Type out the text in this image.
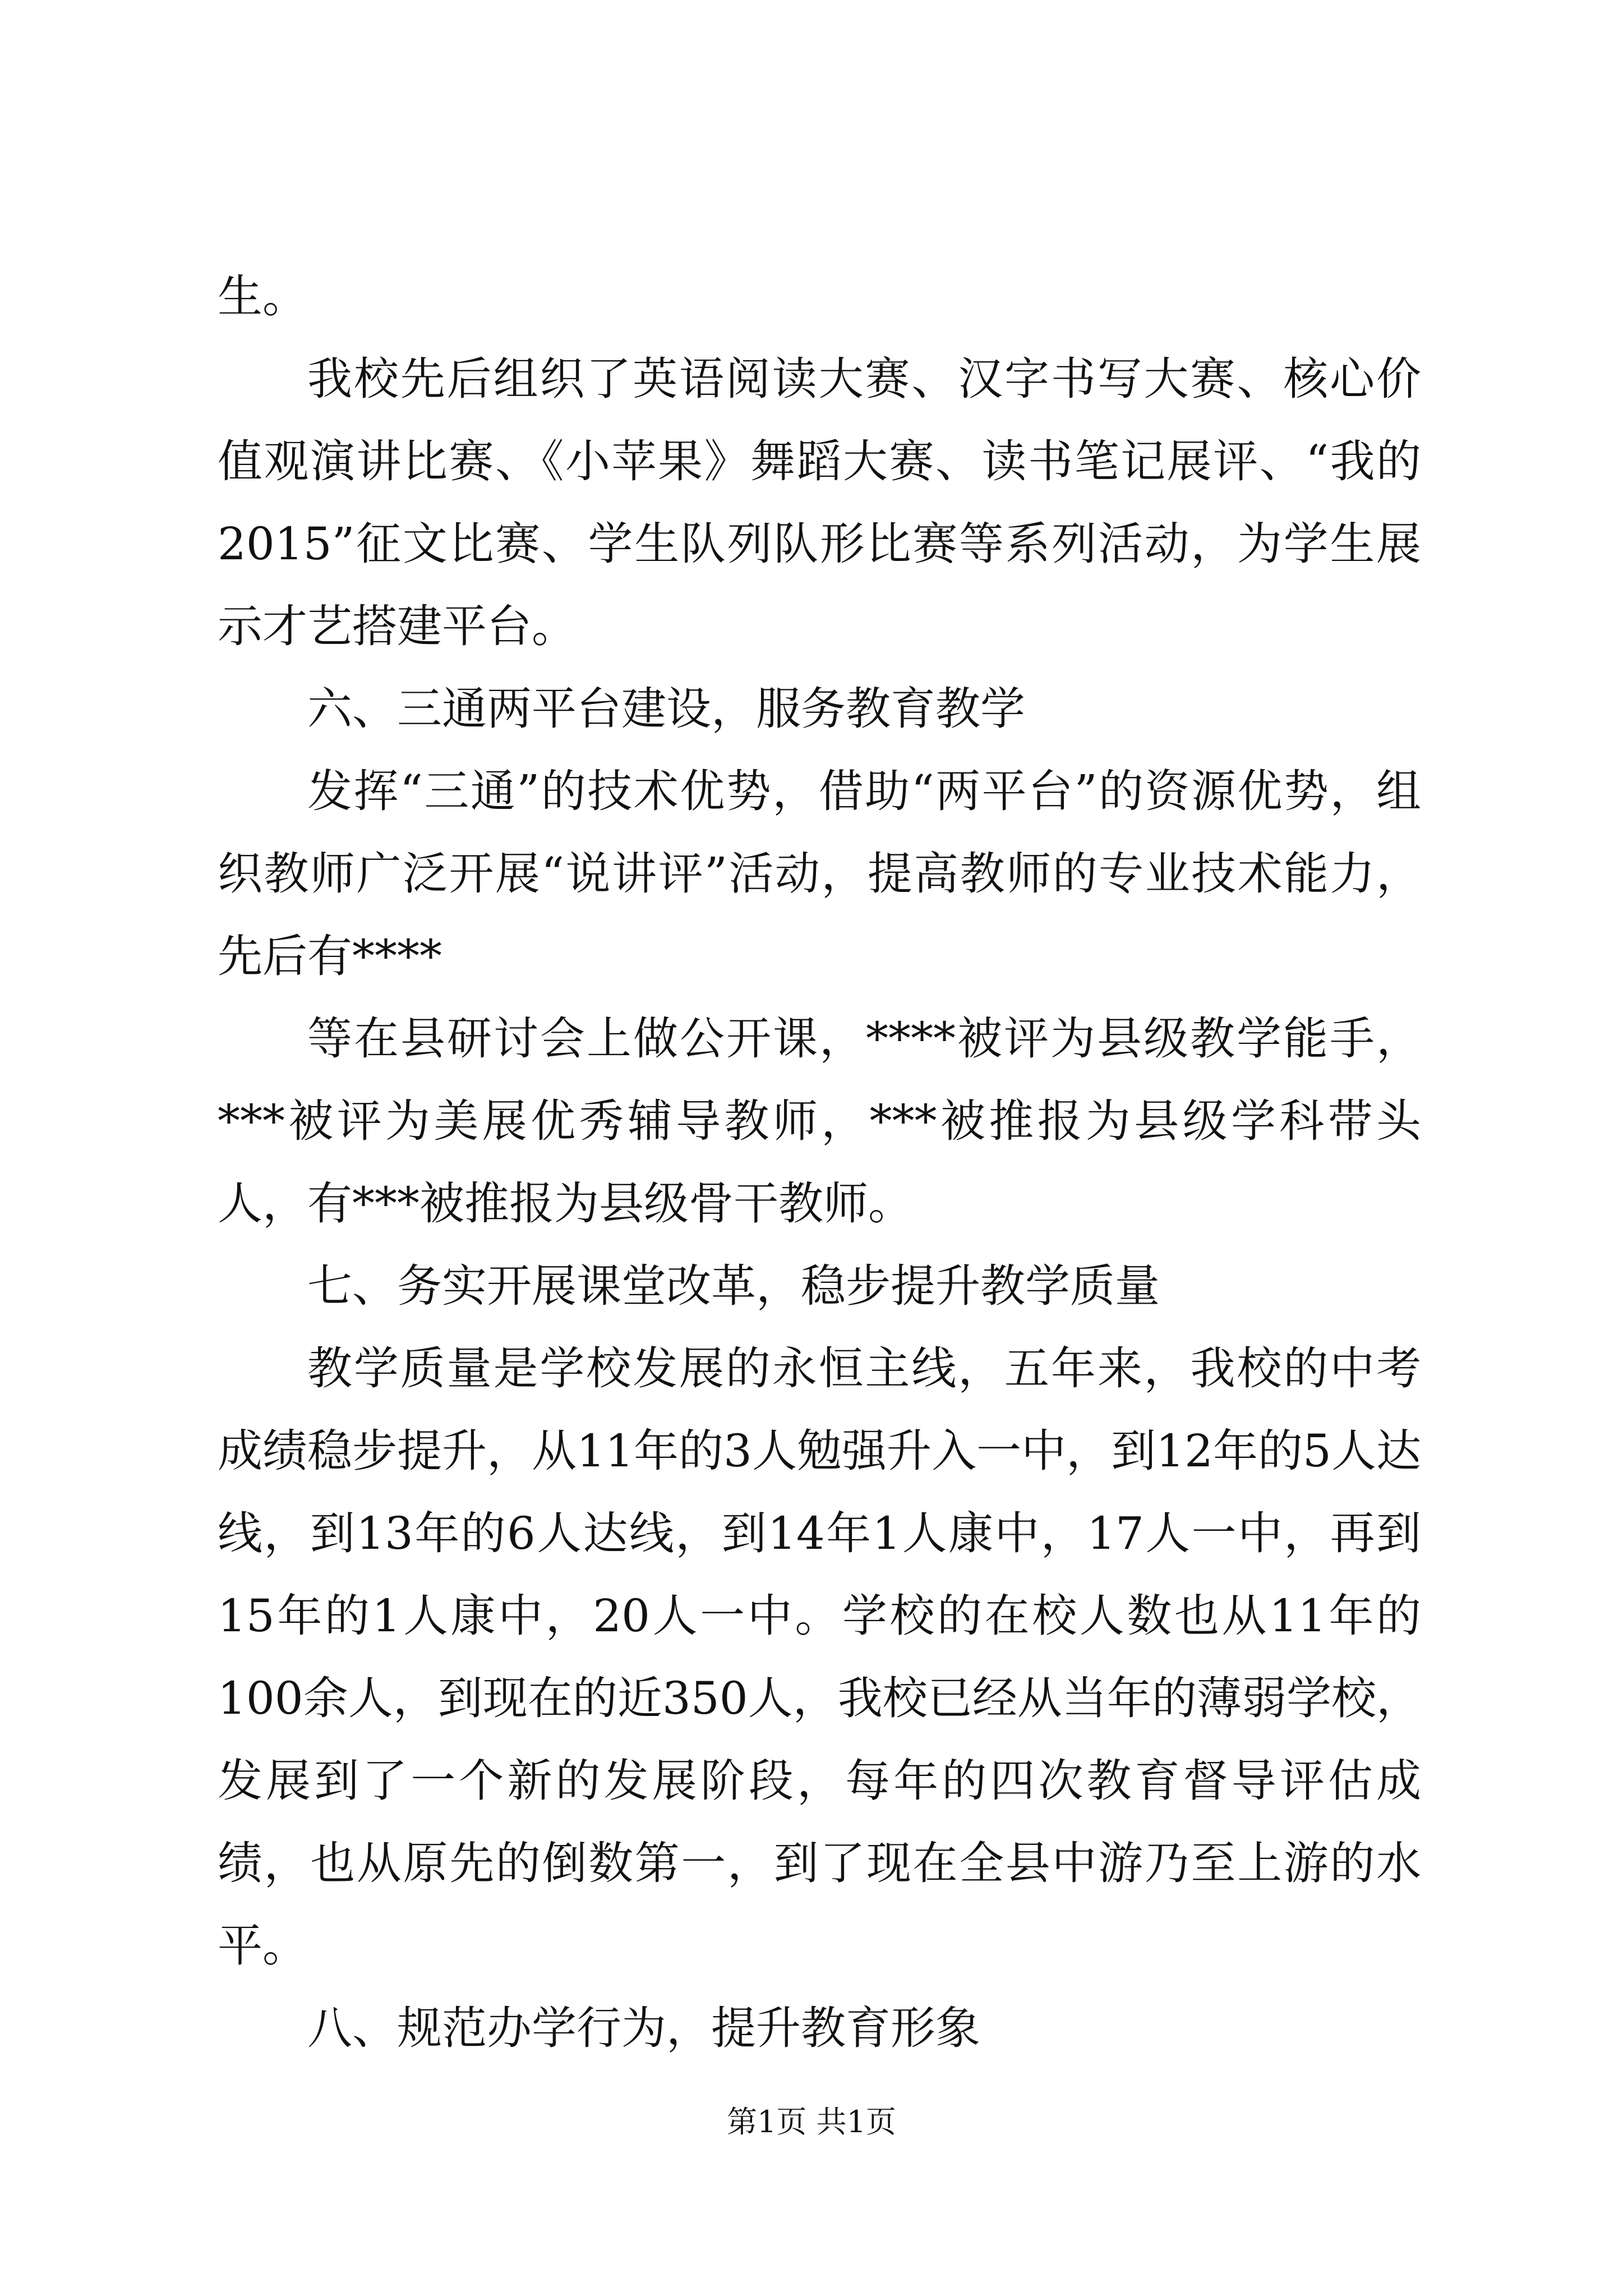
生。

我校先后组织了英语阅读大赛、汉字书写大赛、核心价值观演讲比赛、《小苹果》舞蹈大赛、读书笔记展评、“我的2015”征文比赛、学生队列队形比赛等系列活动，为学生展示才艺搭建平台。

六、三通两平台建设，服务教育教学

发挥“三通”的技术优势，借助“两平台”的资源优势，组织教师广泛开展“说讲评”活动，提高教师的专业技术能力，先后有****

等在县研讨会上做公开课，****被评为县级教学能手，***被评为美展优秀辅导教师，***被推报为县级学科带头人，有***被推报为县级骨干教师。

七、务实开展课堂改革，稳步提升教学质量

教学质量是学校发展的永恒主线，五年来，我校的中考成绩稳步提升，从11年的3人勉强升入一中，到12年的5人达线，到13年的6人达线，到14年1人康中，17人一中，再到15年的1人康中，20人一中。学校的在校人数也从11年的100余人，到现在的近350人，我校已经从当年的薄弱学校，发展到了一个新的发展阶段，每年的四次教育督导评估成绩，也从原先的倒数第一，到了现在全县中游乃至上游的水平。

八、规范办学行为，提升教育形象

第1页 共1页
